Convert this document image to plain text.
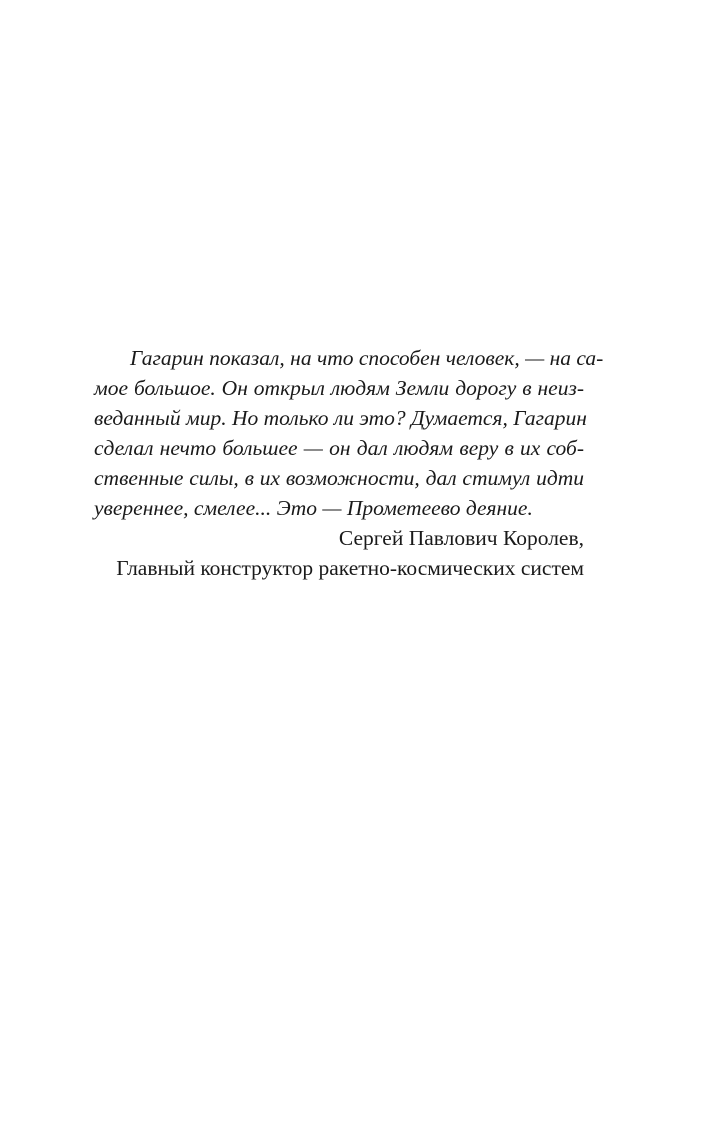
Гагарин показал, на что способен человек, — на са-
мое большое. Он открыл людям Земли дорогу в неиз-
веданный мир. Но только ли это? Думается, Гагарин
сделал нечто большее — он дал людям веру в их соб-
ственные силы, в их возможности, дал стимул идти
увереннее, смелее... Это — Прометеево деяние.

Сергей Павлович Королев,
Главный конструктор ракетно-космических систем
